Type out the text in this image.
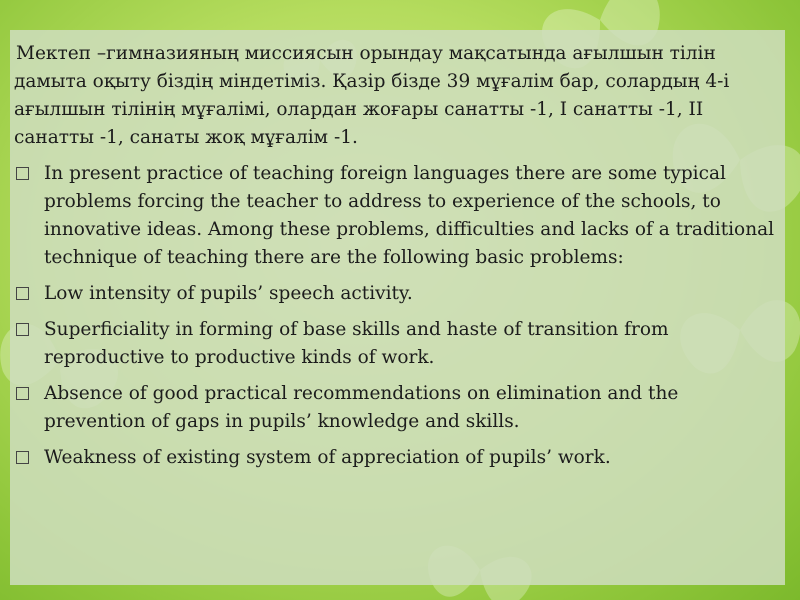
Мектеп –гимназияның миссиясын орындау мақсатында ағылшын тілін дамыта оқыту біздің міндетіміз. Қазір бізде 39 мұғалім бар, солардың 4-і ағылшын тілінің мұғалімі, олардан жоғары санатты -1, І санатты -1, ІІ санатты -1, санаты жоқ мұғалім -1.

In present practice of teaching foreign languages there are some typical problems forcing the teacher to address to experience of the schools, to innovative ideas. Among these problems, difficulties and lacks of a traditional technique of teaching there are the following basic problems:
Low intensity of pupils’ speech activity.
Superficiality in forming of base skills and haste of transition from reproductive to productive kinds of work.
Absence of good practical recommendations on elimination and the prevention of gaps in pupils’ knowledge and skills.
Weakness of existing system of appreciation of pupils’ work.
